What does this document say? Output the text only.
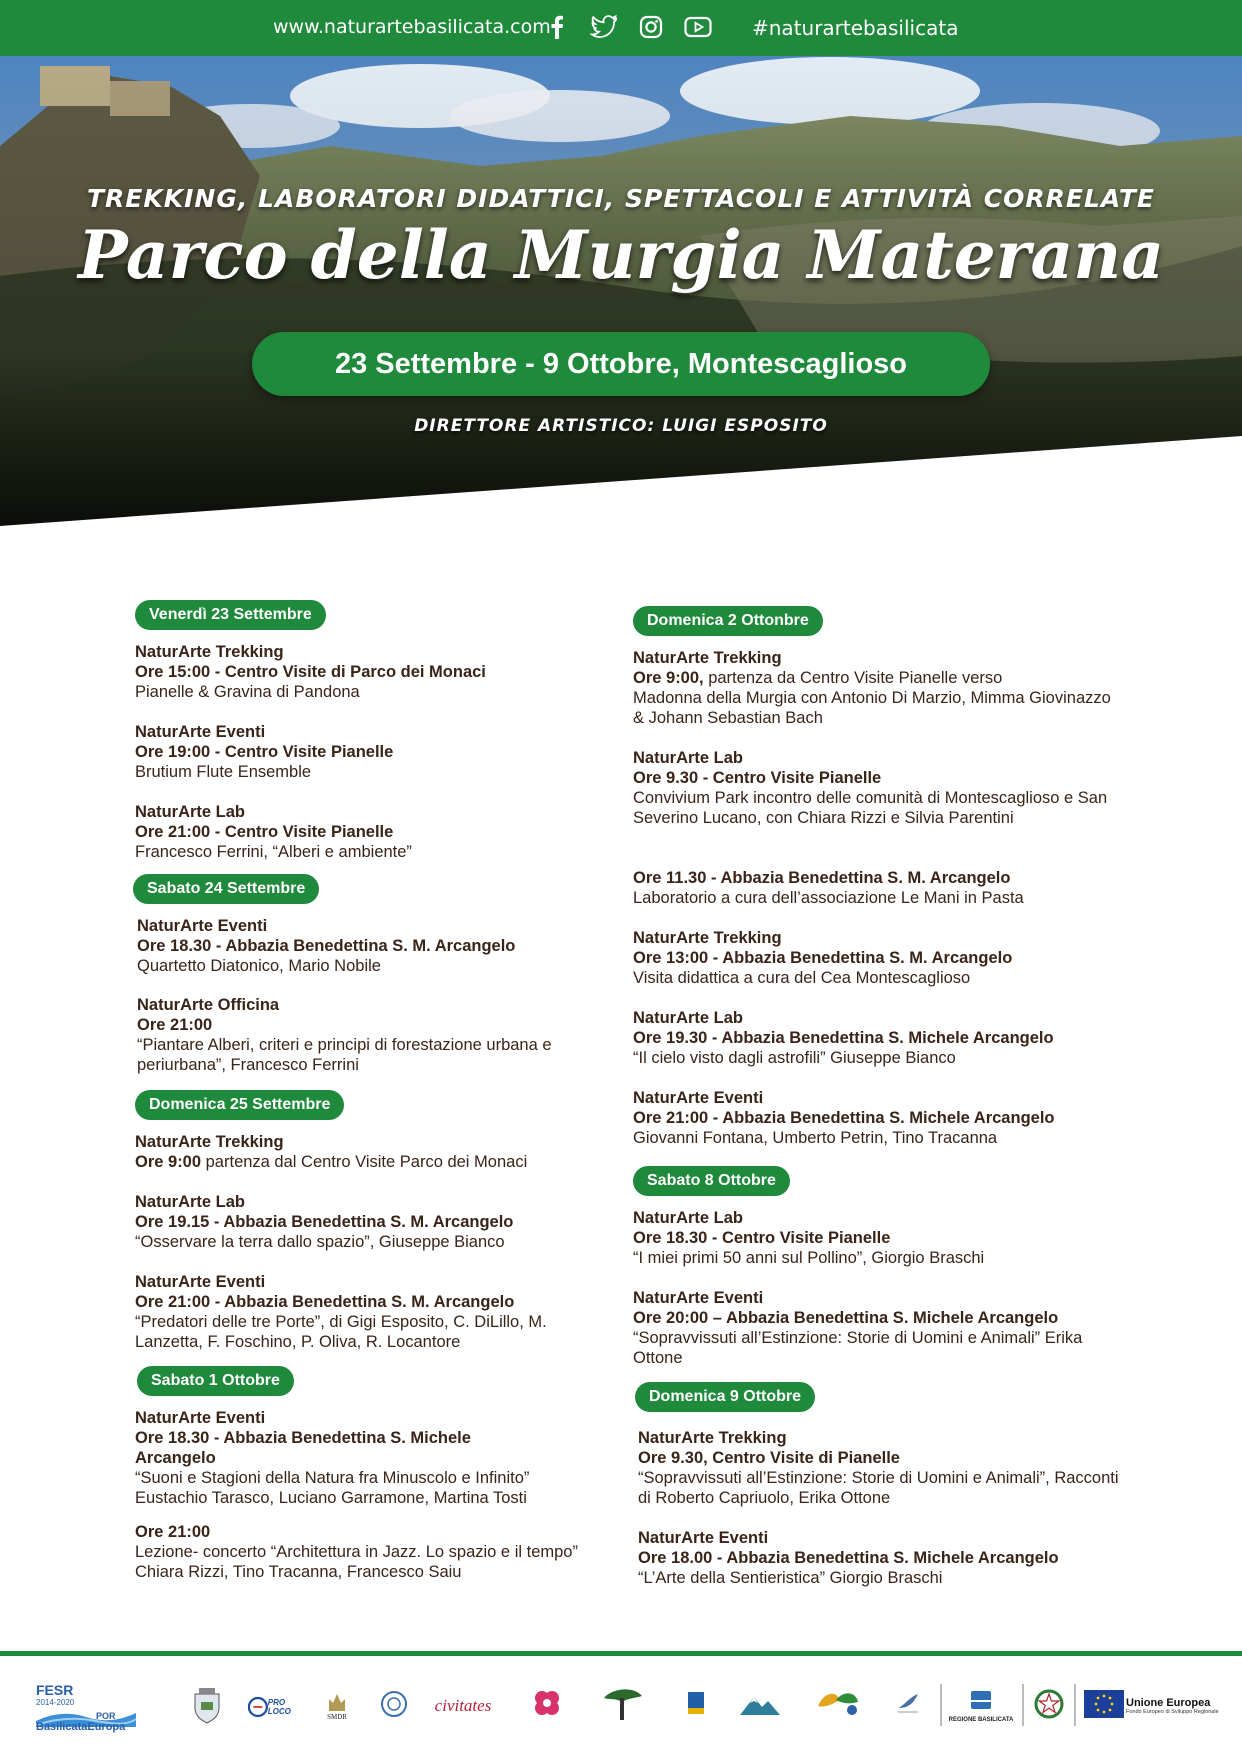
www.naturartebasilicata.com	#naturartebasilicata
TREKKING, LABORATORI DIDATTICI, SPETTACOLI E ATTIVITÀ CORRELATE
Parco della Murgia Materana
23 Settembre - 9 Ottobre, Montescaglioso
DIRETTORE ARTISTICO: LUIGI ESPOSITO
Venerdì 23 Settembre
NaturArte Trekking
Ore 15:00 - Centro Visite di Parco dei Monaci
Pianelle & Gravina di Pandona
NaturArte Eventi
Ore 19:00 - Centro Visite Pianelle
Brutium Flute Ensemble
NaturArte Lab
Ore 21:00 - Centro Visite Pianelle
Francesco Ferrini, “Alberi e ambiente”
Sabato 24 Settembre
NaturArte Eventi
Ore 18.30 - Abbazia Benedettina S. M. Arcangelo
Quartetto Diatonico, Mario Nobile
NaturArte Officina
Ore 21:00
“Piantare Alberi, criteri e principi di forestazione urbana e periurbana”, Francesco Ferrini
Domenica 25 Settembre
NaturArte Trekking
Ore 9:00 partenza dal Centro Visite Parco dei Monaci
NaturArte Lab
Ore 19.15 - Abbazia Benedettina S. M. Arcangelo
“Osservare la terra dallo spazio”, Giuseppe Bianco
NaturArte Eventi
Ore 21:00 - Abbazia Benedettina S. M. Arcangelo
“Predatori delle tre Porte”, di Gigi Esposito, C. DiLillo, M. Lanzetta, F. Foschino, P. Oliva, R. Locantore
Sabato 1 Ottobre
NaturArte Eventi
Ore 18.30 - Abbazia Benedettina S. Michele Arcangelo
“Suoni e Stagioni della Natura fra Minuscolo e Infinito” Eustachio Tarasco, Luciano Garramone, Martina Tosti
Ore 21:00
Lezione- concerto “Architettura in Jazz. Lo spazio e il tempo” Chiara Rizzi, Tino Tracanna, Francesco Saiu
Domenica 2 Ottonbre
NaturArte Trekking
Ore 9:00, partenza da Centro Visite Pianelle verso
Madonna della Murgia con Antonio Di Marzio, Mimma Giovinazzo & Johann Sebastian Bach
NaturArte Lab
Ore 9.30 - Centro Visite Pianelle
Convivium Park incontro delle comunità di Montescaglioso e San Severino Lucano, con Chiara Rizzi e Silvia Parentini
Ore 11.30 - Abbazia Benedettina S. M. Arcangelo
Laboratorio a cura dell’associazione Le Mani in Pasta
NaturArte Trekking
Ore 13:00 - Abbazia Benedettina S. M. Arcangelo
Visita didattica a cura del Cea Montescaglioso
NaturArte Lab
Ore 19.30 - Abbazia Benedettina S. Michele Arcangelo
“Il cielo visto dagli astrofili” Giuseppe Bianco
NaturArte Eventi
Ore 21:00 - Abbazia Benedettina S. Michele Arcangelo
Giovanni Fontana, Umberto Petrin, Tino Tracanna
Sabato 8 Ottobre
NaturArte Lab
Ore 18.30 - Centro Visite Pianelle
“I miei primi 50 anni sul Pollino”, Giorgio Braschi
NaturArte Eventi
Ore 20:00 – Abbazia Benedettina S. Michele Arcangelo
“Sopravvissuti all’Estinzione: Storie di Uomini e Animali” Erika Ottone
Domenica 9 Ottobre
NaturArte Trekking
Ore 9.30, Centro Visite di Pianelle
“Sopravvissuti all’Estinzione: Storie di Uomini e Animali”, Racconti di Roberto Capriuolo, Erika Ottone
NaturArte Eventi
Ore 18.00 - Abbazia Benedettina S. Michele Arcangelo
“L’Arte della Sentieristica” Giorgio Braschi
FESR
2014-2020
POR
BasilicataEuropa
PRO LOCO
SMDR
civitates
REGIONE BASILICATA
Unione Europea
Fondo Europeo di Sviluppo Regionale
